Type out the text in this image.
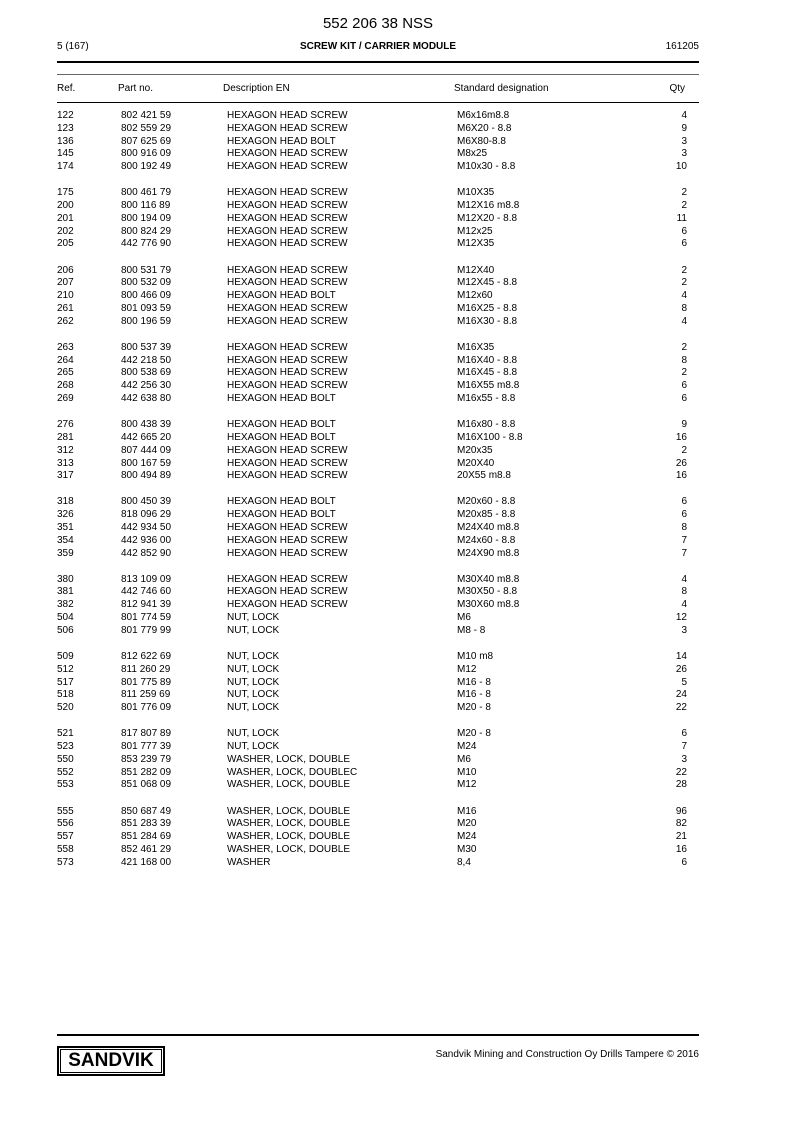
552 206 38 NSS
5 (167)	SCREW KIT / CARRIER MODULE	161205
Ref.	Part no.	Description EN	Standard designation	Qty
122	802 421 59	HEXAGON HEAD SCREW	M6x16m8.8	4
123	802 559 29	HEXAGON HEAD SCREW	M6X20 - 8.8	9
136	807 625 69	HEXAGON HEAD BOLT	M6X80-8.8	3
145	800 916 09	HEXAGON HEAD SCREW	M8x25	3
174	800 192 49	HEXAGON HEAD SCREW	M10x30 - 8.8	10
175	800 461 79	HEXAGON HEAD SCREW	M10X35	2
200	800 116 89	HEXAGON HEAD SCREW	M12X16 m8.8	2
201	800 194 09	HEXAGON HEAD SCREW	M12X20 - 8.8	11
202	800 824 29	HEXAGON HEAD SCREW	M12x25	6
205	442 776 90	HEXAGON HEAD SCREW	M12X35	6
206	800 531 79	HEXAGON HEAD SCREW	M12X40	2
207	800 532 09	HEXAGON HEAD SCREW	M12X45 - 8.8	2
210	800 466 09	HEXAGON HEAD BOLT	M12x60	4
261	801 093 59	HEXAGON HEAD SCREW	M16X25 - 8.8	8
262	800 196 59	HEXAGON HEAD SCREW	M16X30 - 8.8	4
263	800 537 39	HEXAGON HEAD SCREW	M16X35	2
264	442 218 50	HEXAGON HEAD SCREW	M16X40 - 8.8	8
265	800 538 69	HEXAGON HEAD SCREW	M16X45 - 8.8	2
268	442 256 30	HEXAGON HEAD SCREW	M16X55 m8.8	6
269	442 638 80	HEXAGON HEAD BOLT	M16x55 - 8.8	6
276	800 438 39	HEXAGON HEAD BOLT	M16x80 - 8.8	9
281	442 665 20	HEXAGON HEAD BOLT	M16X100 - 8.8	16
312	807 444 09	HEXAGON HEAD SCREW	M20x35	2
313	800 167 59	HEXAGON HEAD SCREW	M20X40	26
317	800 494 89	HEXAGON HEAD SCREW	20X55 m8.8	16
318	800 450 39	HEXAGON HEAD BOLT	M20x60 - 8.8	6
326	818 096 29	HEXAGON HEAD BOLT	M20x85 - 8.8	6
351	442 934 50	HEXAGON HEAD SCREW	M24X40 m8.8	8
354	442 936 00	HEXAGON HEAD SCREW	M24x60 - 8.8	7
359	442 852 90	HEXAGON HEAD SCREW	M24X90 m8.8	7
380	813 109 09	HEXAGON HEAD SCREW	M30X40 m8.8	4
381	442 746 60	HEXAGON HEAD SCREW	M30X50 - 8.8	8
382	812 941 39	HEXAGON HEAD SCREW	M30X60 m8.8	4
504	801 774 59	NUT, LOCK	M6	12
506	801 779 99	NUT, LOCK	M8 - 8	3
509	812 622 69	NUT, LOCK	M10 m8	14
512	811 260 29	NUT, LOCK	M12	26
517	801 775 89	NUT, LOCK	M16 - 8	5
518	811 259 69	NUT, LOCK	M16 - 8	24
520	801 776 09	NUT, LOCK	M20 - 8	22
521	817 807 89	NUT, LOCK	M20 - 8	6
523	801 777 39	NUT, LOCK	M24	7
550	853 239 79	WASHER, LOCK, DOUBLE	M6	3
552	851 282 09	WASHER, LOCK, DOUBLEC	M10	22
553	851 068 09	WASHER, LOCK, DOUBLE	M12	28
555	850 687 49	WASHER, LOCK, DOUBLE	M16	96
556	851 283 39	WASHER, LOCK, DOUBLE	M20	82
557	851 284 69	WASHER, LOCK, DOUBLE	M24	21
558	852 461 29	WASHER, LOCK, DOUBLE	M30	16
573	421 168 00	WASHER	8,4	6
SANDVIK	Sandvik Mining and Construction Oy Drills Tampere © 2016
